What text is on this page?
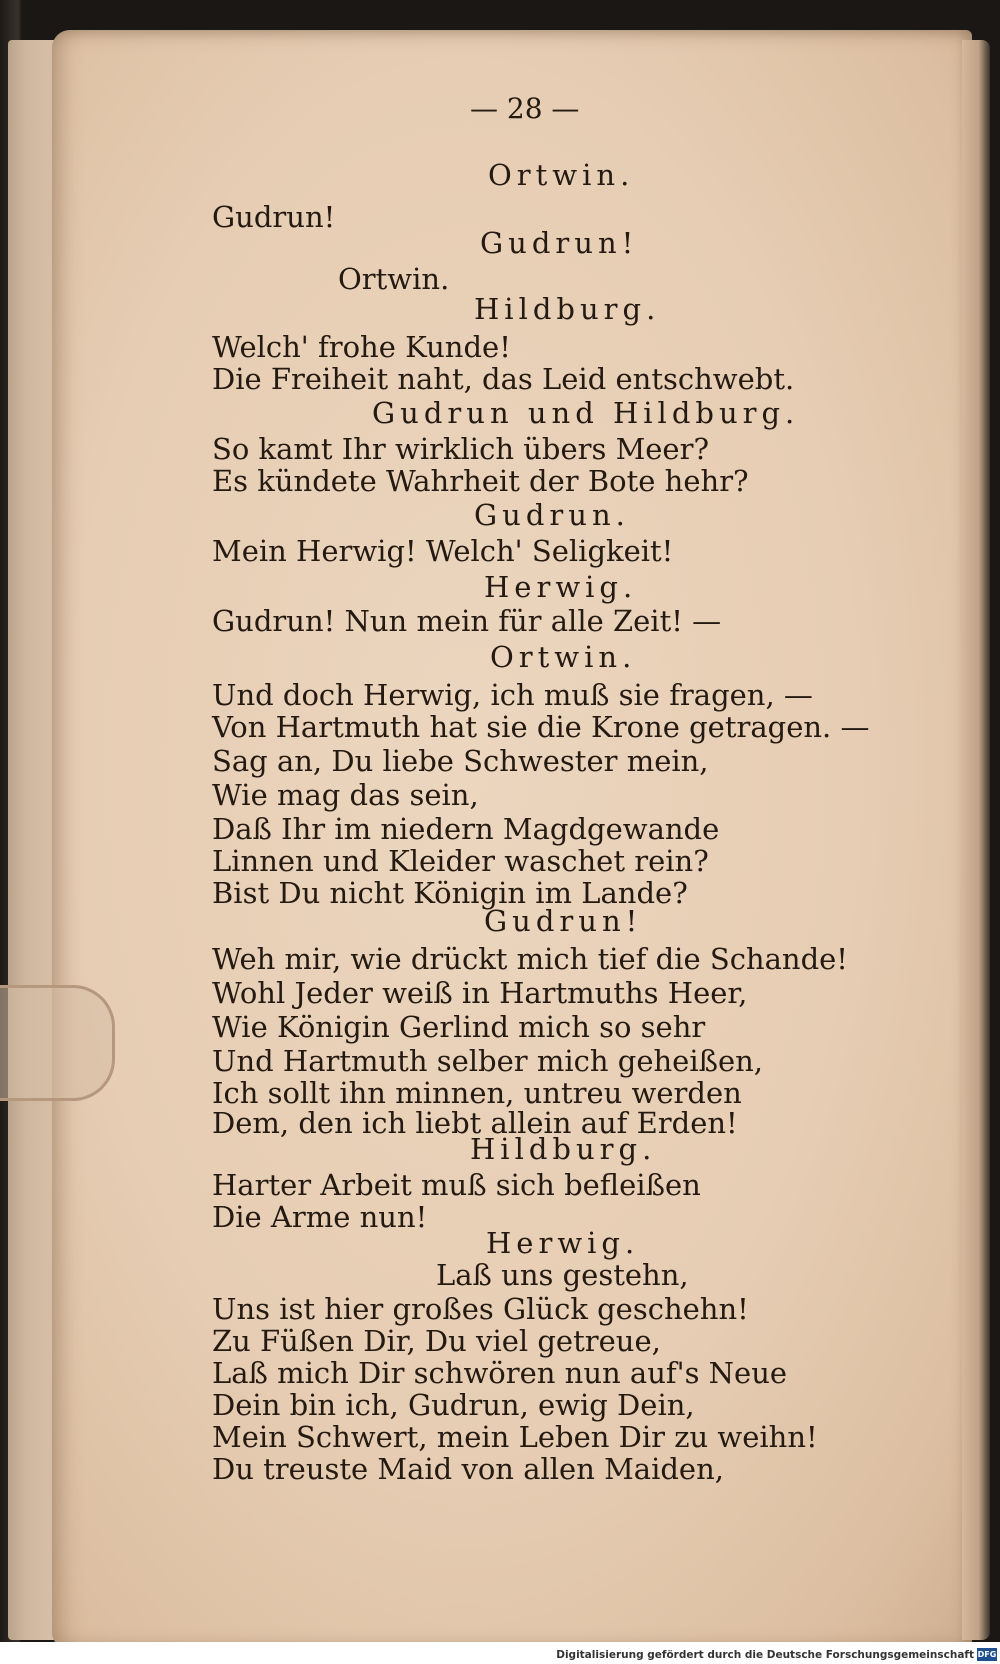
— 28 —
Ortwin.
Gudrun!
Gudrun!
Ortwin.
Hildburg.
Welch' frohe Kunde!
Die Freiheit naht, das Leid entschwebt.
Gudrun und Hildburg.
So kamt Ihr wirklich übers Meer?
Es kündete Wahrheit der Bote hehr?
Gudrun.
Mein Herwig! Welch' Seligkeit!
Herwig.
Gudrun! Nun mein für alle Zeit! —
Ortwin.
Und doch Herwig, ich muß sie fragen, —
Von Hartmuth hat sie die Krone getragen. —
Sag an, Du liebe Schwester mein,
Wie mag das sein,
Daß Ihr im niedern Magdgewande
Linnen und Kleider waschet rein?
Bist Du nicht Königin im Lande?
Gudrun!
Weh mir, wie drückt mich tief die Schande!
Wohl Jeder weiß in Hartmuths Heer,
Wie Königin Gerlind mich so sehr
Und Hartmuth selber mich geheißen,
Ich sollt ihn minnen, untreu werden
Dem, den ich liebt allein auf Erden!
Hildburg.
Harter Arbeit muß sich befleißen
Die Arme nun!
Herwig.
Laß uns gestehn,
Uns ist hier großes Glück geschehn!
Zu Füßen Dir, Du viel getreue,
Laß mich Dir schwören nun auf's Neue
Dein bin ich, Gudrun, ewig Dein,
Mein Schwert, mein Leben Dir zu weihn!
Du treuste Maid von allen Maiden,
Digitalisierung gefördert durch die Deutsche Forschungsgemeinschaft DFG
